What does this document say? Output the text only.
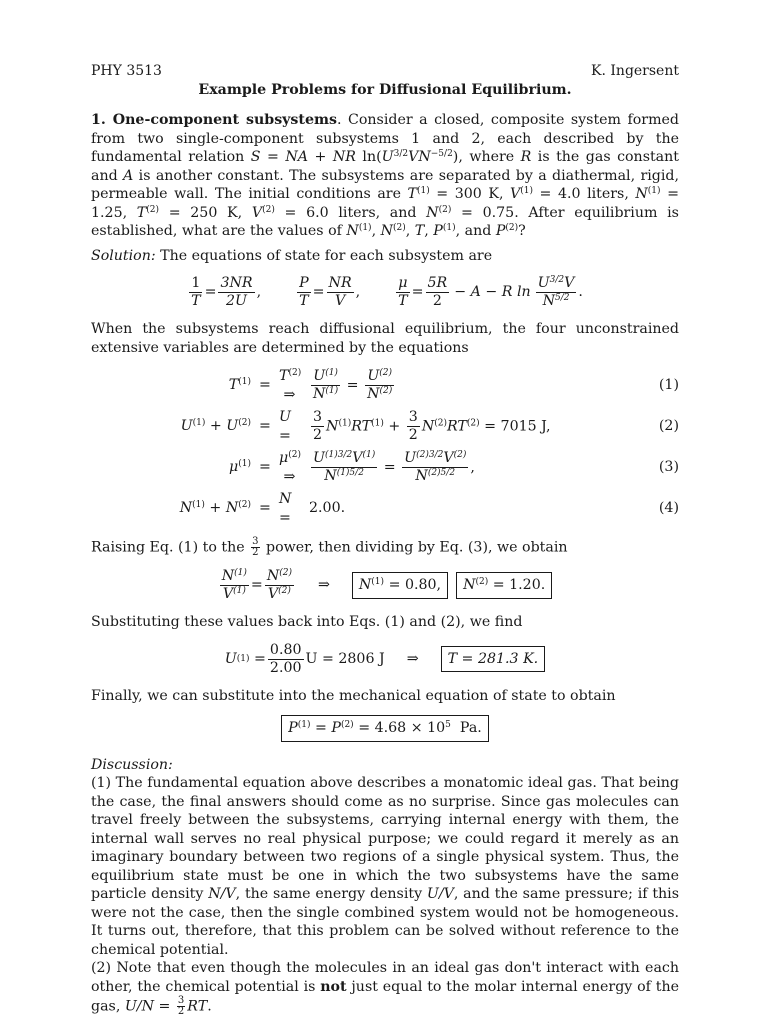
PHY 3513	K. Ingersent
Example Problems for Diffusional Equilibrium.

1. One-component subsystems. Consider a closed, composite system formed from two single-component subsystems 1 and 2, each described by the fundamental relation S = NA + NR $\ln(U^{3/2}VN^{-5/2})$, where R is the gas constant and A is another constant. The subsystems are separated by a diathermal, rigid, permeable wall. The initial conditions are $T^{(1)} = 300$ K, $V^{(1)} = 4.0$ liters, $N^{(1)} = 1.25$, $T^{(2)} = 250$ K, $V^{(2)} = 6.0$ liters, and $N^{(2)} = 0.75$. After equilibrium is established, what are the values of $N^{(1)}$, $N^{(2)}$, T, $P^{(1)}$, and $P^{(2)}$?

Solution: The equations of state for each subsystem are

$\frac{1}{T} = \frac{3NR}{2U}$ ,	$\frac{P}{T} = \frac{NR}{V}$ ,	$\frac{\mu}{T} = \frac{5R}{2} - A - R$ $\ln \frac{U^{3/2}V}{N^{5/2}}$ .

When the subsystems reach diffusional equilibrium, the four unconstrained extensive variables are determined by the equations

$T^{(1)}$ =
$T^{(2)}$  ⇒	$\frac{U^{(1)}}{N^{(1)}} = \frac{U^{(2)}}{N^{(2)}}$	(1)
$U^{(1)} + U^{(2)}$ =
U   =	$\frac{3}{2} N^{(1)}RT^{(1)} + \frac{3}{2} N^{(2)}RT^{(2)} = 7015$ J,	(2)
$\mu^{(1)}$ =
$\mu^{(2)}$  ⇒	$\frac{U^{(1)3/2}V^{(1)}}{N^{(1)5/2}} = \frac{U^{(2)3/2}V^{(2)}}{N^{(2)5/2}}$ ,	(3)
$N^{(1)} + N^{(2)}$ =
N   =
2.00.	(4)

Raising Eq. (1) to the $\frac{3}{2}$ power, then dividing by Eq. (3), we obtain

$\frac{N^{(1)}}{V^{(1)}} = \frac{N^{(2)}}{V^{(2)}}$ ⇒	$N^{(1)} = 0.80$,	$N^{(2)} = 1.20$.

Substituting these values back into Eqs. (1) and (2), we find

U $(1) = \frac{0.80}{2.00}$ U = 2806 J ⇒	T = 281.3 K.

Finally, we can substitute into the mechanical equation of state to obtain

$P^{(1)} = P^{(2)} = 4.68 \times 10^5$ Pa.

Discussion:

(1) The fundamental equation above describes a monatomic ideal gas. That being the case, the final answers should come as no surprise. Since gas molecules can travel freely between the subsystems, carrying internal energy with them, the internal wall serves no real physical purpose; we could regard it merely as an imaginary boundary between two regions of a single physical system. Thus, the equilibrium state must be one in which the two subsystems have the same particle density N/V, the same energy density U/V, and the same pressure; if this were not the case, then the single combined system would not be homogeneous. It turns out, therefore, that this problem can be solved without reference to the chemical potential.

(2) Note that even though the molecules in an ideal gas don't interact with each other, the chemical potential is not just equal to the molar internal energy of the gas, $U/N = \frac{3}{2}$ RT.
